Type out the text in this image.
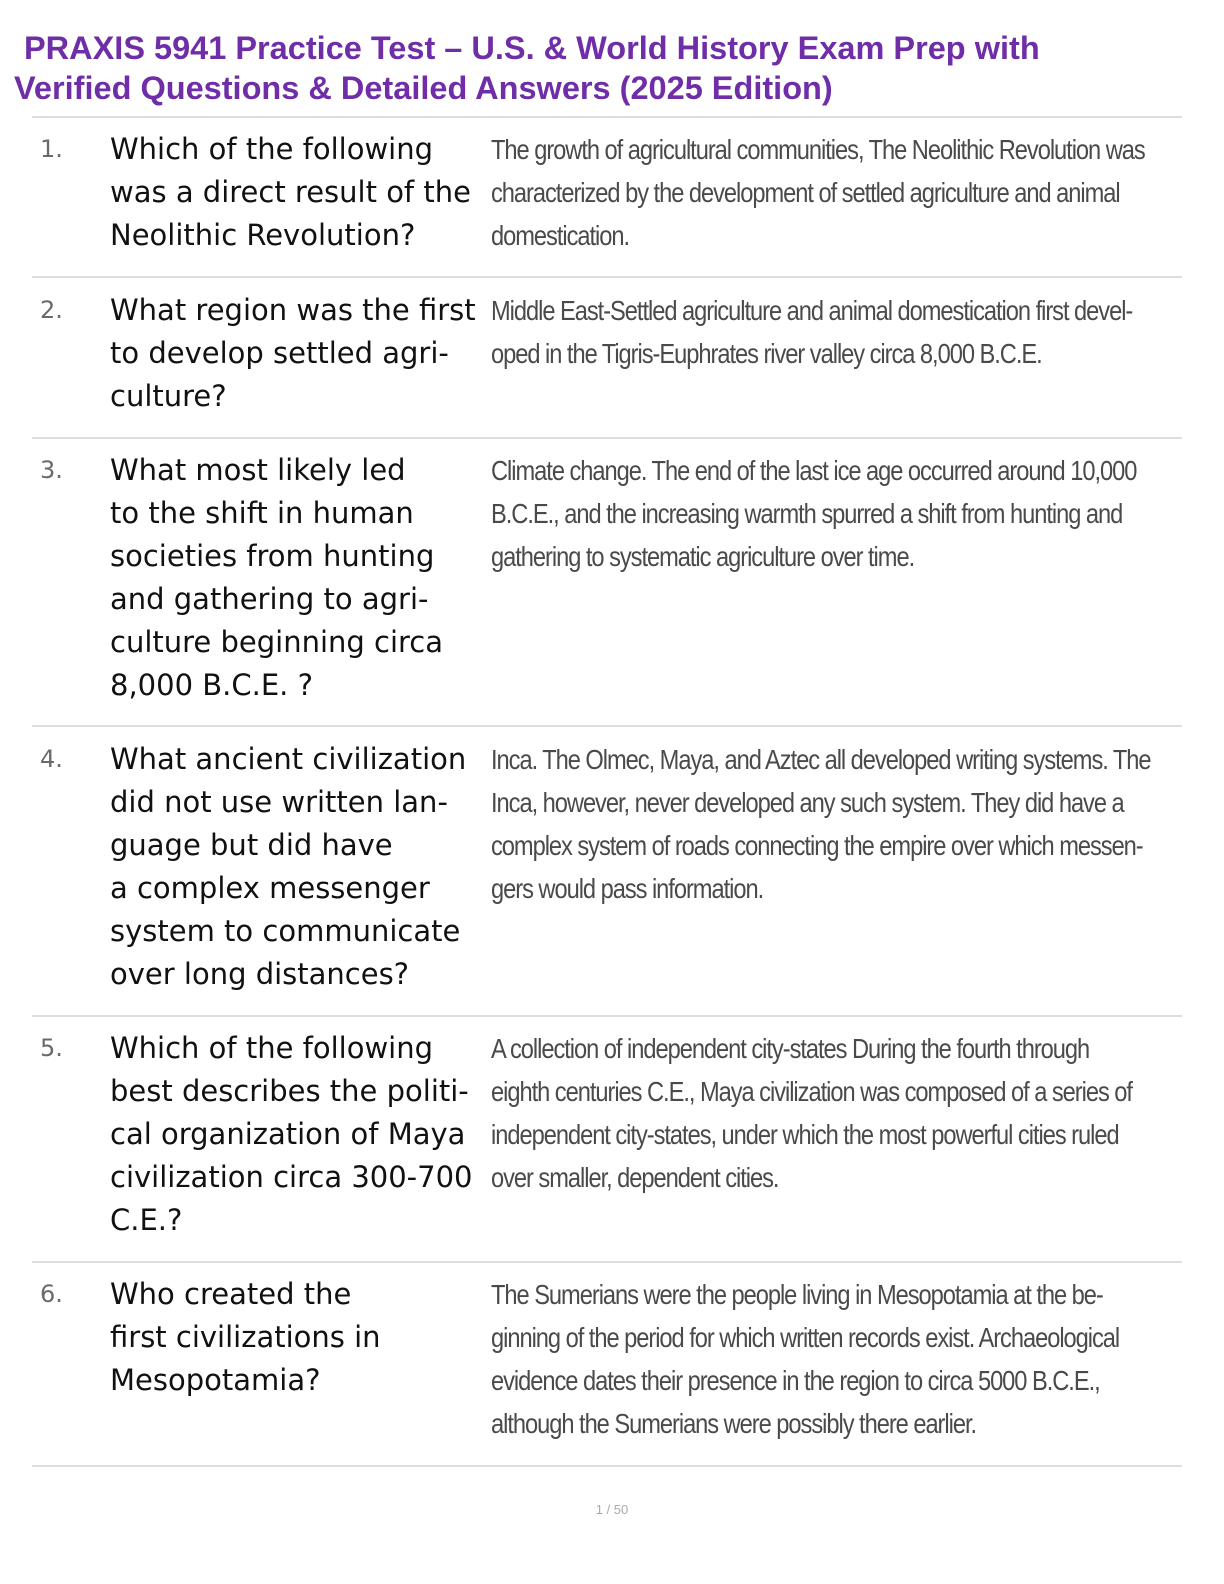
PRAXIS 5941 Practice Test – U.S. & World History Exam Prep with
Verified Questions & Detailed Answers (2025 Edition)
1. Which of the following
was a direct result of the
Neolithic Revolution?
The growth of agricultural communities, The Neolithic Revolution was
characterized by the development of settled agriculture and animal
domestication.
2. What region was the first
to develop settled agri-
culture?
Middle East-Settled agriculture and animal domestication first devel-
oped in the Tigris-Euphrates river valley circa 8,000 B.C.E.
3. What most likely led
to the shift in human
societies from hunting
and gathering to agri-
culture beginning circa
8,000 B.C.E. ?
Climate change. The end of the last ice age occurred around 10,000
B.C.E., and the increasing warmth spurred a shift from hunting and
gathering to systematic agriculture over time.
4. What ancient civilization
did not use written lan-
guage but did have
a complex messenger
system to communicate
over long distances?
Inca. The Olmec, Maya, and Aztec all developed writing systems. The
Inca, however, never developed any such system. They did have a
complex system of roads connecting the empire over which messen-
gers would pass information.
5. Which of the following
best describes the politi-
cal organization of Maya
civilization circa 300-700
C.E.?
A collection of independent city-states During the fourth through
eighth centuries C.E., Maya civilization was composed of a series of
independent city-states, under which the most powerful cities ruled
over smaller, dependent cities.
6. Who created the
first civilizations in
Mesopotamia?
The Sumerians were the people living in Mesopotamia at the be-
ginning of the period for which written records exist. Archaeological
evidence dates their presence in the region to circa 5000 B.C.E.,
although the Sumerians were possibly there earlier.
1 / 50
